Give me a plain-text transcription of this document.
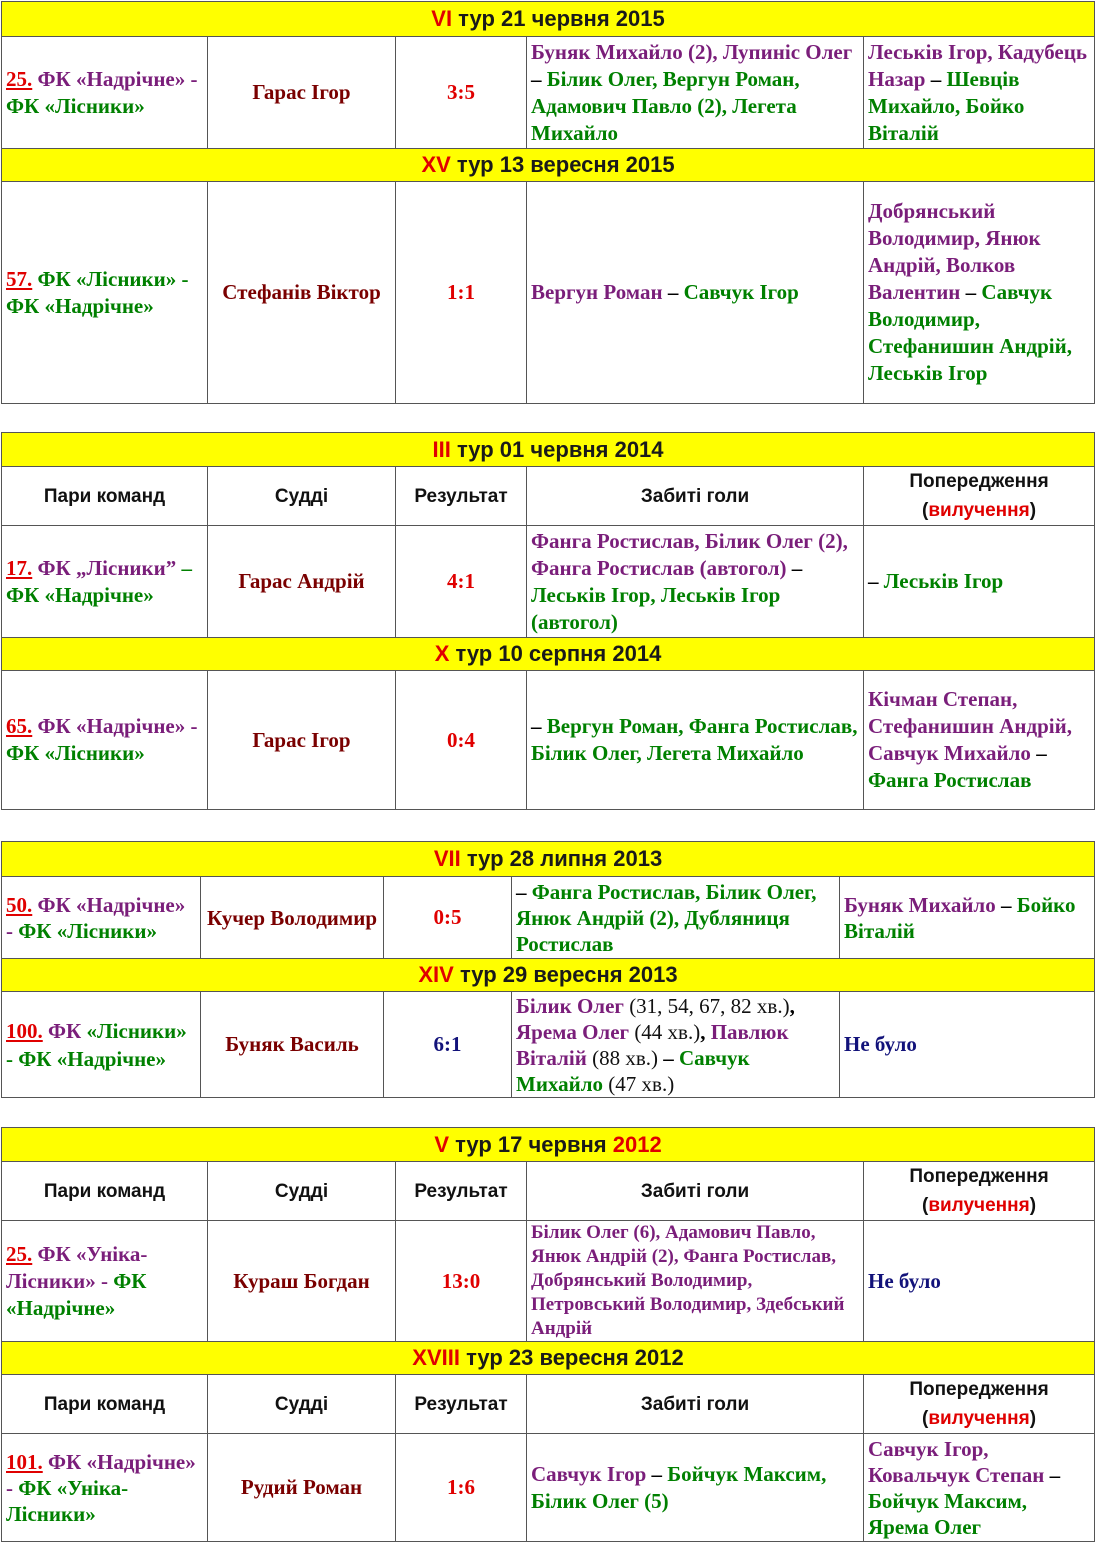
VI тур 21 червня 2015				
25. ФК «Надрічне» - ФК «Лісники»	Гарас Ігор	3:5	Буняк Михайло (2), Лупиніс Олег – Білик Олег, Вергун Роман, Адамович Павло (2), Легета Михайло	Леськів Ігор, Кадубець Назар – Шевців Михайло, Бойко Віталій
XV тур 13 вересня 2015				
57. ФК «Лісники» - ФК «Надрічне»	Стефанів Віктор	1:1	Вергун Роман – Савчук Ігор	Добрянський Володимир, Янюк Андрій, Волков Валентин – Савчук Володимир, Стефанишин Андрій, Леськів Ігор
III тур 01 червня 2014				
Пари команд	Судді	Результат	Забиті голи	Попередження
(вилучення)
17. ФК „Лісники” – ФК «Надрічне»	Гарас Андрій	4:1	Фанга Ростислав, Білик Олег (2), Фанга Ростислав (автогол) – Леськів Ігор, Леськів Ігор (автогол)	– Леськів Ігор
X тур 10 серпня 2014				
65. ФК «Надрічне» - ФК «Лісники»	Гарас Ігор	0:4	– Вергун Роман, Фанга Ростислав, Білик Олег, Легета Михайло	Кічман Степан, Стефанишин Андрій, Савчук Михайло – Фанга Ростислав
VII тур 28 липня 2013				
50. ФК «Надрічне» - ФК «Лісники»	Кучер Володимир	0:5	– Фанга Ростислав, Білик Олег, Янюк Андрій (2), Дубляниця Ростислав	Буняк Михайло – Бойко Віталій
XIV тур 29 вересня 2013				
100. ФК «Лісники» - ФК «Надрічне»	Буняк Василь	6:1	Білик Олег (31, 54, 67, 82 хв.), Ярема Олег (44 хв.), Павлюк Віталій (88 хв.) – Савчук Михайло (47 хв.)	Не було
V тур 17 червня 2012				
Пари команд	Судді	Результат	Забиті голи	Попередження
(вилучення)
25. ФК «Уніка-Лісники» - ФК «Надрічне»	Кураш Богдан	13:0	Білик Олег (6), Адамович Павло, Янюк Андрій (2), Фанга Ростислав, Добрянський Володимир, Петровський Володимир, Здебський Андрій	Не було
XVIII тур 23 вересня 2012				
Пари команд	Судді	Результат	Забиті голи	Попередження
(вилучення)
101. ФК «Надрічне» - ФК «Уніка-Лісники»	Рудий Роман	1:6	Савчук Ігор – Бойчук Максим, Білик Олег (5)	Савчук Ігор, Ковальчук Степан – Бойчук Максим, Ярема Олег
